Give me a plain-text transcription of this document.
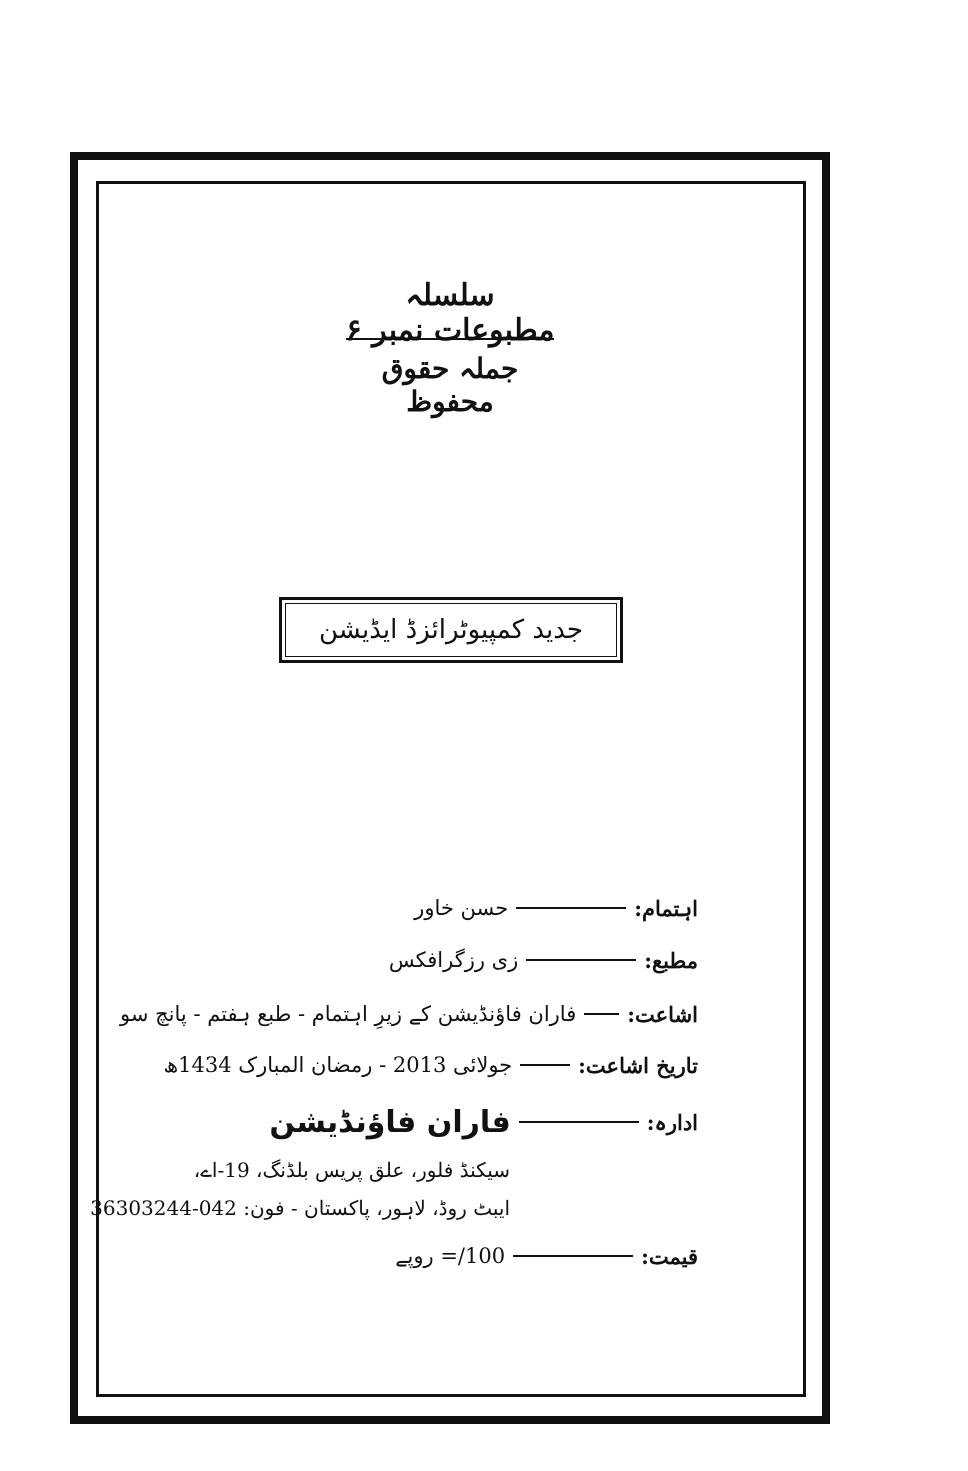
سلسلہ مطبوعات نمبر ۶
جملہ حقوق محفوظ
جدید کمپیوٹرائزڈ ایڈیشن
اہتمام:
حسن خاور
مطبع:
زی رزگرافکس
اشاعت:
فاران فاؤنڈیشن کے زیرِ اہتمام - طبع ہفتم - پانچ سو
تاریخ اشاعت:
جولائی 2013 - رمضان المبارک 1434ھ
ادارہ:
فاران فاؤنڈیشن
سیکنڈ فلور، علق پریس بلڈنگ، 19-اے،
ایبٹ روڈ، لاہور، پاکستان - فون: 042-36303244
قیمت:
100/= روپے
